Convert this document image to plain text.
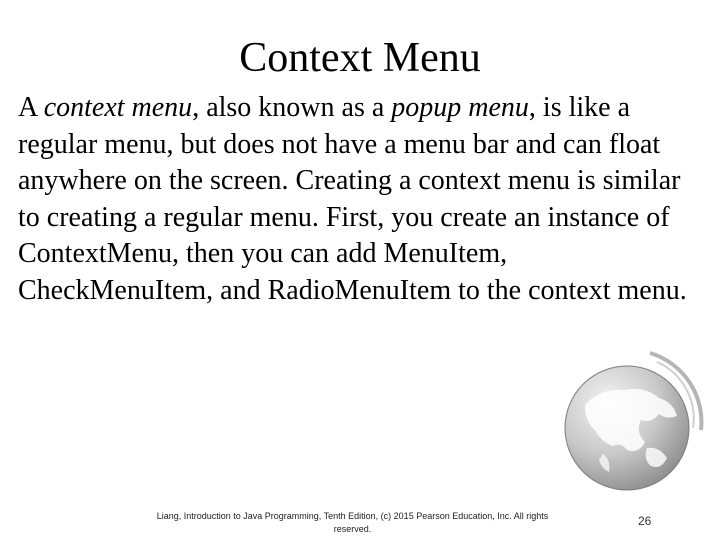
Context Menu
A context menu, also known as a popup menu, is like a regular menu, but does not have a menu bar and can float anywhere on the screen. Creating a context menu is similar to creating a regular menu. First, you create an instance of ContextMenu, then you can add MenuItem, CheckMenuItem, and RadioMenuItem to the context menu.
Liang, Introduction to Java Programming, Tenth Edition, (c) 2015 Pearson Education, Inc. All rights reserved.
26
